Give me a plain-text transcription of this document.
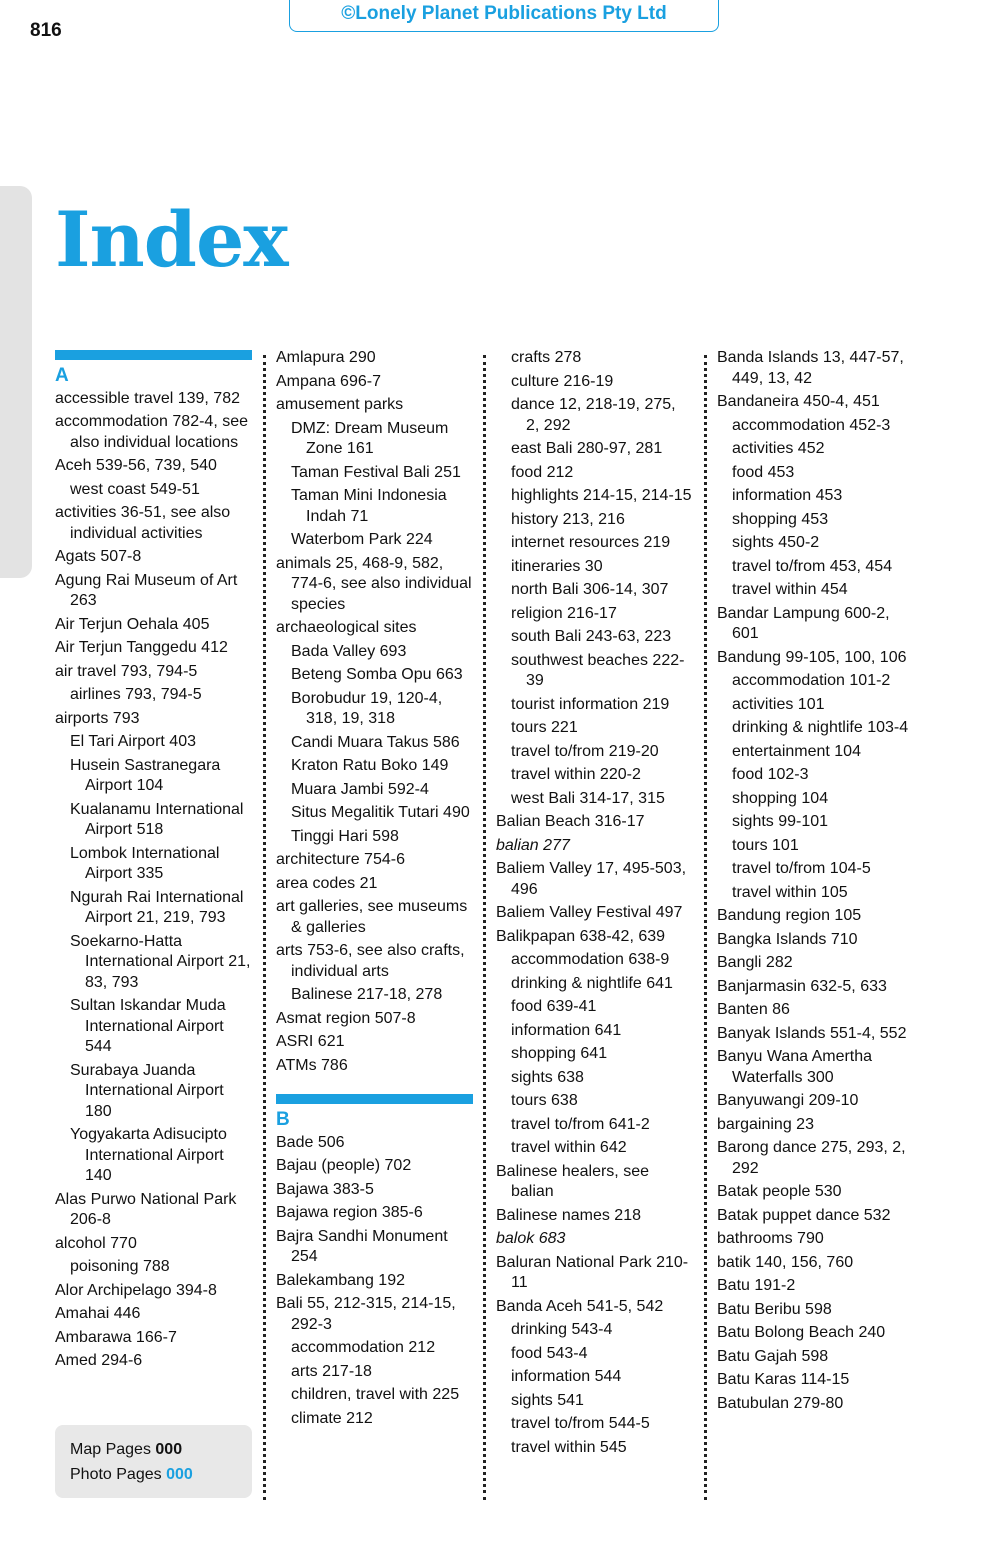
816
©Lonely Planet Publications Pty Ltd
Index
A
accessible travel 139, 782
accommodation 782-4, see also individual locations
Aceh 539-56, 739, 540
west coast 549-51
activities 36-51, see also individual activities
Agats 507-8
Agung Rai Museum of Art 263
Air Terjun Oehala 405
Air Terjun Tanggedu 412
air travel 793, 794-5
airlines 793, 794-5
airports 793
El Tari Airport 403
Husein Sastranegara Airport 104
Kualanamu International Airport 518
Lombok International Airport 335
Ngurah Rai International Airport 21, 219, 793
Soekarno-Hatta International Airport 21, 83, 793
Sultan Iskandar Muda International Airport 544
Surabaya Juanda International Airport 180
Yogyakarta Adisucipto International Airport 140
Alas Purwo National Park 206-8
alcohol 770
poisoning 788
Alor Archipelago 394-8
Amahai 446
Ambarawa 166-7
Amed 294-6
Map Pages 000
Photo Pages 000
Amlapura 290
Ampana 696-7
amusement parks
DMZ: Dream Museum Zone 161
Taman Festival Bali 251
Taman Mini Indonesia Indah 71
Waterbom Park 224
animals 25, 468-9, 582, 774-6, see also individual species
archaeological sites
Bada Valley 693
Beteng Somba Opu 663
Borobudur 19, 120-4, 318, 19, 318
Candi Muara Takus 586
Kraton Ratu Boko 149
Muara Jambi 592-4
Situs Megalitik Tutari 490
Tinggi Hari 598
architecture 754-6
area codes 21
art galleries, see museums & galleries
arts 753-6, see also crafts, individual arts
Balinese 217-18, 278
Asmat region 507-8
ASRI 621
ATMs 786
B
Bade 506
Bajau (people) 702
Bajawa 383-5
Bajawa region 385-6
Bajra Sandhi Monument 254
Balekambang 192
Bali 55, 212-315, 214-15, 292-3
accommodation 212
arts 217-18
children, travel with 225
climate 212
crafts 278
culture 216-19
dance 12, 218-19, 275, 2, 292
east Bali 280-97, 281
food 212
highlights 214-15, 214-15
history 213, 216
internet resources 219
itineraries 30
north Bali 306-14, 307
religion 216-17
south Bali 243-63, 223
southwest beaches 222-39
tourist information 219
tours 221
travel to/from 219-20
travel within 220-2
west Bali 314-17, 315
Balian Beach 316-17
balian 277
Baliem Valley 17, 495-503, 496
Baliem Valley Festival 497
Balikpapan 638-42, 639
accommodation 638-9
drinking & nightlife 641
food 639-41
information 641
shopping 641
sights 638
tours 638
travel to/from 641-2
travel within 642
Balinese healers, see balian
Balinese names 218
balok 683
Baluran National Park 210-11
Banda Aceh 541-5, 542
drinking 543-4
food 543-4
information 544
sights 541
travel to/from 544-5
travel within 545
Banda Islands 13, 447-57, 449, 13, 42
Bandaneira 450-4, 451
accommodation 452-3
activities 452
food 453
information 453
shopping 453
sights 450-2
travel to/from 453, 454
travel within 454
Bandar Lampung 600-2, 601
Bandung 99-105, 100, 106
accommodation 101-2
activities 101
drinking & nightlife 103-4
entertainment 104
food 102-3
shopping 104
sights 99-101
tours 101
travel to/from 104-5
travel within 105
Bandung region 105
Bangka Islands 710
Bangli 282
Banjarmasin 632-5, 633
Banten 86
Banyak Islands 551-4, 552
Banyu Wana Amertha Waterfalls 300
Banyuwangi 209-10
bargaining 23
Barong dance 275, 293, 2, 292
Batak people 530
Batak puppet dance 532
bathrooms 790
batik 140, 156, 760
Batu 191-2
Batu Beribu 598
Batu Bolong Beach 240
Batu Gajah 598
Batu Karas 114-15
Batubulan 279-80
